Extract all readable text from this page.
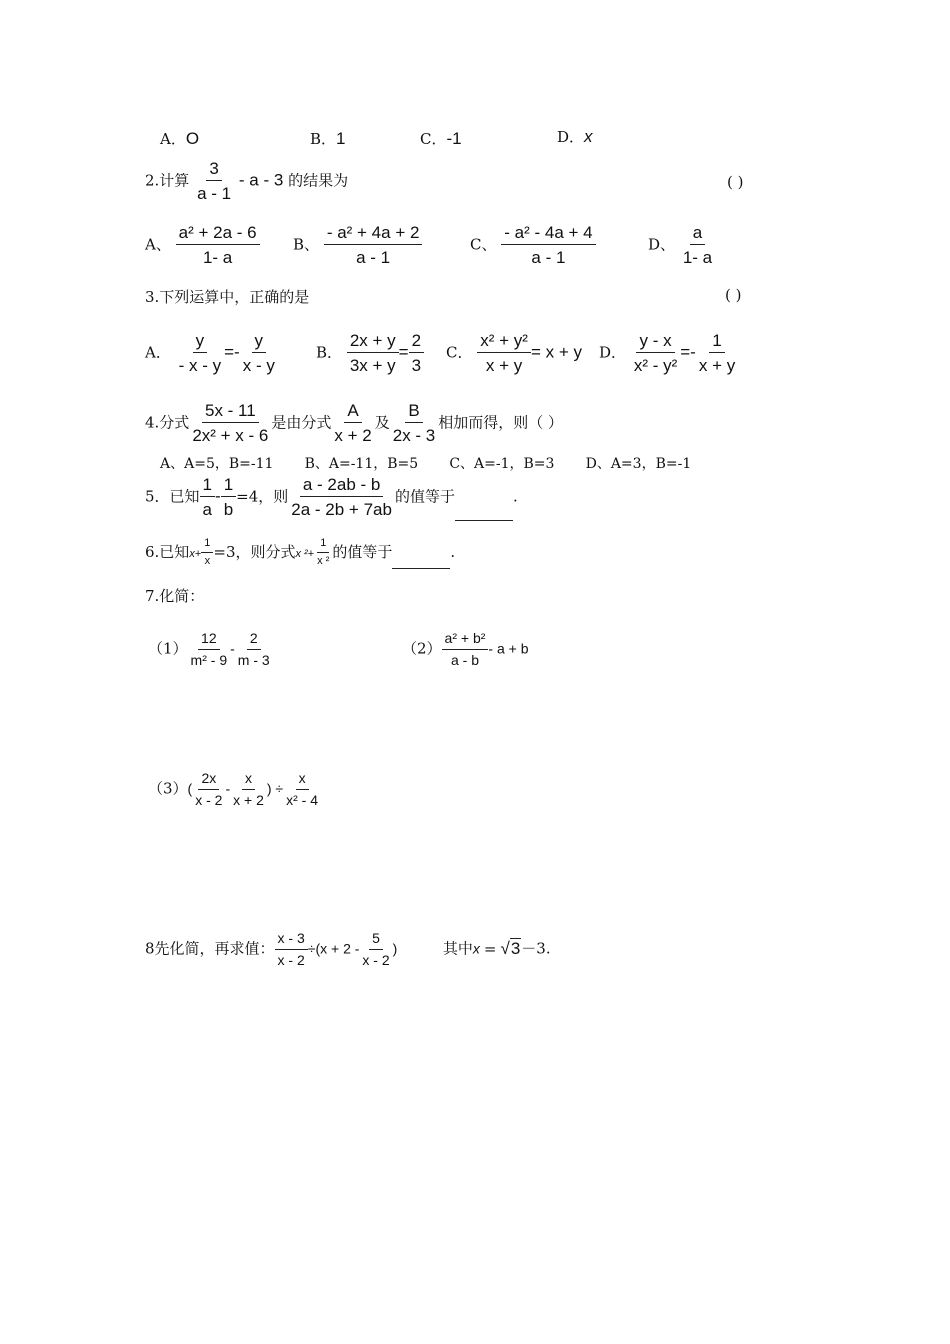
A．O	B．1	C．-1	D．x
2.计算 $\frac{3}{a - 1}$ - a - 3 的结果为	( )
A、 $\frac{\text{a² + 2a - 6}}{1- a}$ B、 $\frac{\text{- a² + 4a + 2}}{a - 1}$	C、 $\frac{\text{- a² - 4a + 4}}{a - 1}$	D、 $\frac{a}{1- a}$
3.下列运算中，正确的是	( )
A． $\frac{y}{- x - y} =- \frac{y}{x - y}$	B． $\frac{2x + y}{3x + y} = \frac{2}{3}$ C． $\frac{\text{x² + y²}}{x + y} = x + y$ D． $\frac{y - x}{\text{x² - y²}} =- \frac{1}{x + y}$
4.分式 $\frac{5x - 11}{\text{2x² + x - 6}}$ 是由分式 $\frac{A}{x + 2}$ 及 $\frac{B}{2x - 3}$ 相加而得，则（ ）
A、A=5，B=-11       B、A=-11，B=5       C、A=-1，B=3       D、A=3，B=-1
5．已知 $\frac{1}{a} - \frac{1}{b} =4$，则 $\frac{a - 2ab - b}{2a - 2b + 7ab}$ 的值等于	.
6.已知$x+ \frac{1}{x} =3$，则分式x $^2+ \frac{1}{\text{x ²}}$ 的值等于	.
7.化简：
$(1) \frac{12}{\text{m² - 9}} - \frac{2}{m - 3}$	$(2) \frac{\text{a² + b²}}{a - b} - a + b$
$(3)( \frac{2x}{x - 2} - \frac{x}{x + 2}$ ) ÷ $\frac{x}{\text{x² - 4}}$
8先化简，再求值： $\frac{x - 3}{x - 2} \div(x + 2 - \frac{5}{x - 2}$ )	其中x = √3－3.
